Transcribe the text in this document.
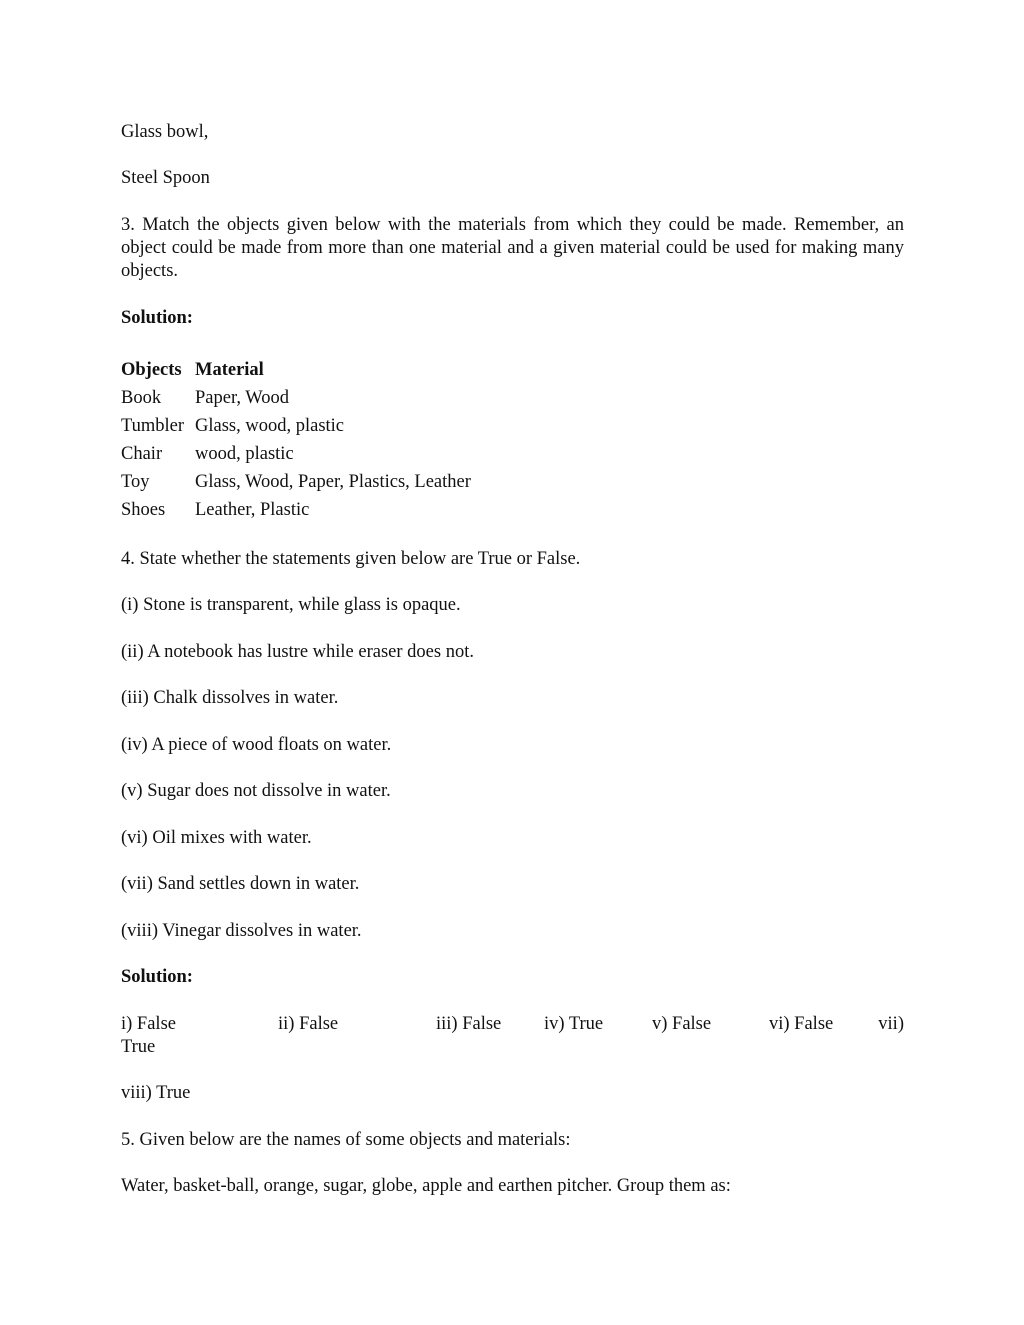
Glass bowl,

Steel Spoon

3. Match the objects given below with the materials from which they could be made. Remember, an object could be made from more than one material and a given material could be used for making many objects.

Solution:

Objects	Material
Book	Paper, Wood
Tumbler	Glass, wood, plastic
Chair	wood, plastic
Toy	Glass, Wood, Paper, Plastics, Leather
Shoes	Leather, Plastic

4. State whether the statements given below are True or False.

(i) Stone is transparent, while glass is opaque.

(ii) A notebook has lustre while eraser does not.

(iii) Chalk dissolves in water.

(iv) A piece of wood floats on water.

(v) Sugar does not dissolve in water.

(vi) Oil mixes with water.

(vii) Sand settles down in water.

(viii) Vinegar dissolves in water.

Solution:

i) False	ii) False	iii) False iv) True	v) False	vi) False vii)
True

viii) True

5. Given below are the names of some objects and materials:

Water, basket-ball, orange, sugar, globe, apple and earthen pitcher. Group them as:
